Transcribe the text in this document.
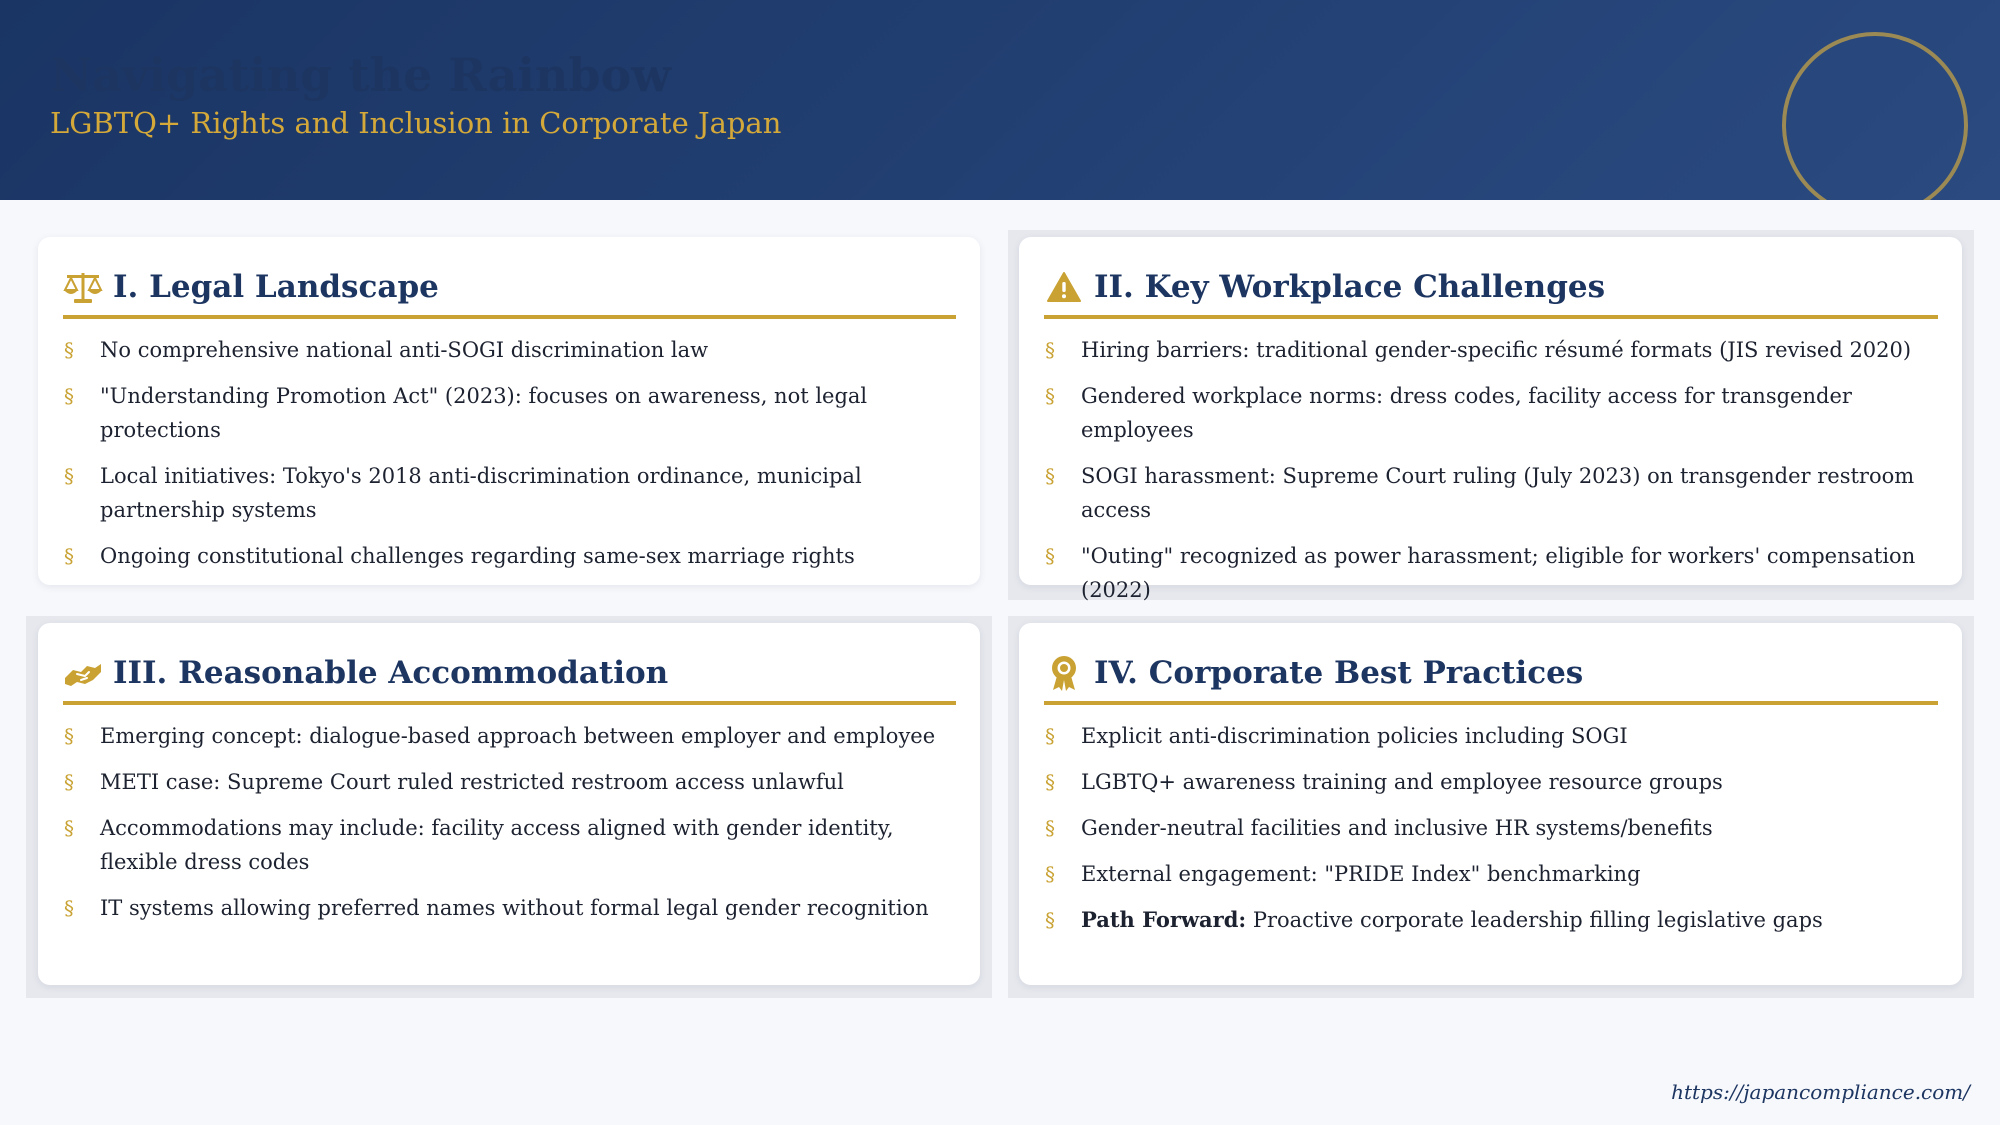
Navigating the Rainbow
LGBTQ+ Rights and Inclusion in Corporate Japan
I. Legal Landscape
§	No comprehensive national anti-SOGI discrimination law
§	"Understanding Promotion Act" (2023): focuses on awareness, not legal protections
§	Local initiatives: Tokyo's 2018 anti-discrimination ordinance, municipal partnership systems
§	Ongoing constitutional challenges regarding same-sex marriage rights
II. Key Workplace Challenges
§	Hiring barriers: traditional gender-specific résumé formats (JIS revised 2020)
§	Gendered workplace norms: dress codes, facility access for transgender employees
§	SOGI harassment: Supreme Court ruling (July 2023) on transgender restroom access
§	"Outing" recognized as power harassment; eligible for workers' compensation (2022)
III. Reasonable Accommodation
§	Emerging concept: dialogue-based approach between employer and employee
§	METI case: Supreme Court ruled restricted restroom access unlawful
§	Accommodations may include: facility access aligned with gender identity, flexible dress codes
§	IT systems allowing preferred names without formal legal gender recognition
IV. Corporate Best Practices
§	Explicit anti-discrimination policies including SOGI
§	LGBTQ+ awareness training and employee resource groups
§	Gender-neutral facilities and inclusive HR systems/benefits
§	External engagement: "PRIDE Index" benchmarking
§	Path Forward: Proactive corporate leadership filling legislative gaps
https://japancompliance.com/
